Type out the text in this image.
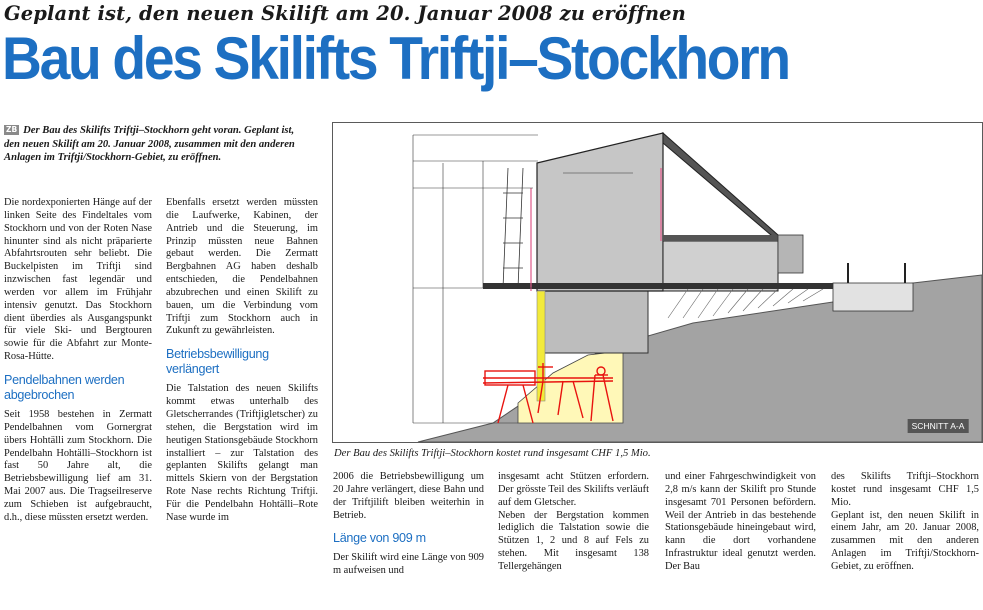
Geplant ist, den neuen Skilift am 20. Januar 2008 zu eröffnen
Bau des Skilifts Triftji–Stockhorn
ZB Der Bau des Skilifts Triftji–Stockhorn geht voran. Geplant ist, den neuen Skilift am 20. Januar 2008, zusammen mit den anderen Anlagen im Triftji/Stockhorn-Gebiet, zu eröffnen.

Die nordexponierten Hänge auf der linken Seite des Findeltales vom Stockhorn und von der Roten Nase hinunter sind als nicht präparierte Abfahrtsrouten sehr beliebt. Die Buckelpisten im Triftji sind inzwischen fast legendär und werden vor allem im Frühjahr intensiv genutzt. Das Stockhorn dient überdies als Ausgangspunkt für viele Ski- und Bergtouren sowie für die Abfahrt zur Monte-Rosa-Hütte.

Pendelbahnen werden abgebrochen

Seit 1958 bestehen in Zermatt Pendelbahnen vom Gornergrat übers Hohtälli zum Stockhorn. Die Pendelbahn Hohtälli–Stockhorn ist fast 50 Jahre alt, die Betriebsbewilligung lief am 31. Mai 2007 aus. Die Tragseilreserve zum Schieben ist aufgebraucht, d.h., diese müssten ersetzt werden.

Ebenfalls ersetzt werden müssten die Laufwerke, Kabinen, der Antrieb und die Steuerung, im Prinzip müssten neue Bahnen gebaut werden. Die Zermatt Bergbahnen AG haben deshalb entschieden, die Pendelbahnen abzubrechen und einen Skilift zu bauen, um die Verbindung vom Triftji zum Stockhorn auch in Zukunft zu gewährleisten.

Betriebsbewilligung verlängert

Die Talstation des neuen Skilifts kommt etwas unterhalb des Gletscherrandes (Triftjigletscher) zu stehen, die Bergstation wird im heutigen Stationsgebäude Stockhorn installiert – zur Talstation des geplanten Skilifts gelangt man mittels Skiern von der Bergstation Rote Nase rechts Richtung Triftji. Für die Pendelbahn Hohtälli–Rote Nase wurde im

SCHNITT A-A
Der Bau des Skilifts Triftji–Stockhorn kostet rund insgesamt CHF 1,5 Mio.

2006 die Betriebsbewilligung um 20 Jahre verlängert, diese Bahn und der Triftjilift bleiben weiterhin in Betrieb.

Länge von 909 m

Der Skilift wird eine Länge von 909 m aufweisen und

insgesamt acht Stützen erfordern. Der grösste Teil des Skilifts verläuft auf dem Gletscher.

Neben der Bergstation kommen lediglich die Talstation sowie die Stützen 1, 2 und 8 auf Fels zu stehen. Mit insgesamt 138 Tellergehängen

und einer Fahrgeschwindigkeit von 2,8 m/s kann der Skilift pro Stunde insgesamt 701 Personen befördern. Weil der Antrieb in das bestehende Stationsgebäude hineingebaut wird, kann die dort vorhandene Infrastruktur ideal genutzt werden. Der Bau

des Skilifts Triftji–Stockhorn kostet rund insgesamt CHF 1,5 Mio.

Geplant ist, den neuen Skilift in einem Jahr, am 20. Januar 2008, zusammen mit den anderen Anlagen im Triftji/Stockhorn-Gebiet, zu eröffnen.
